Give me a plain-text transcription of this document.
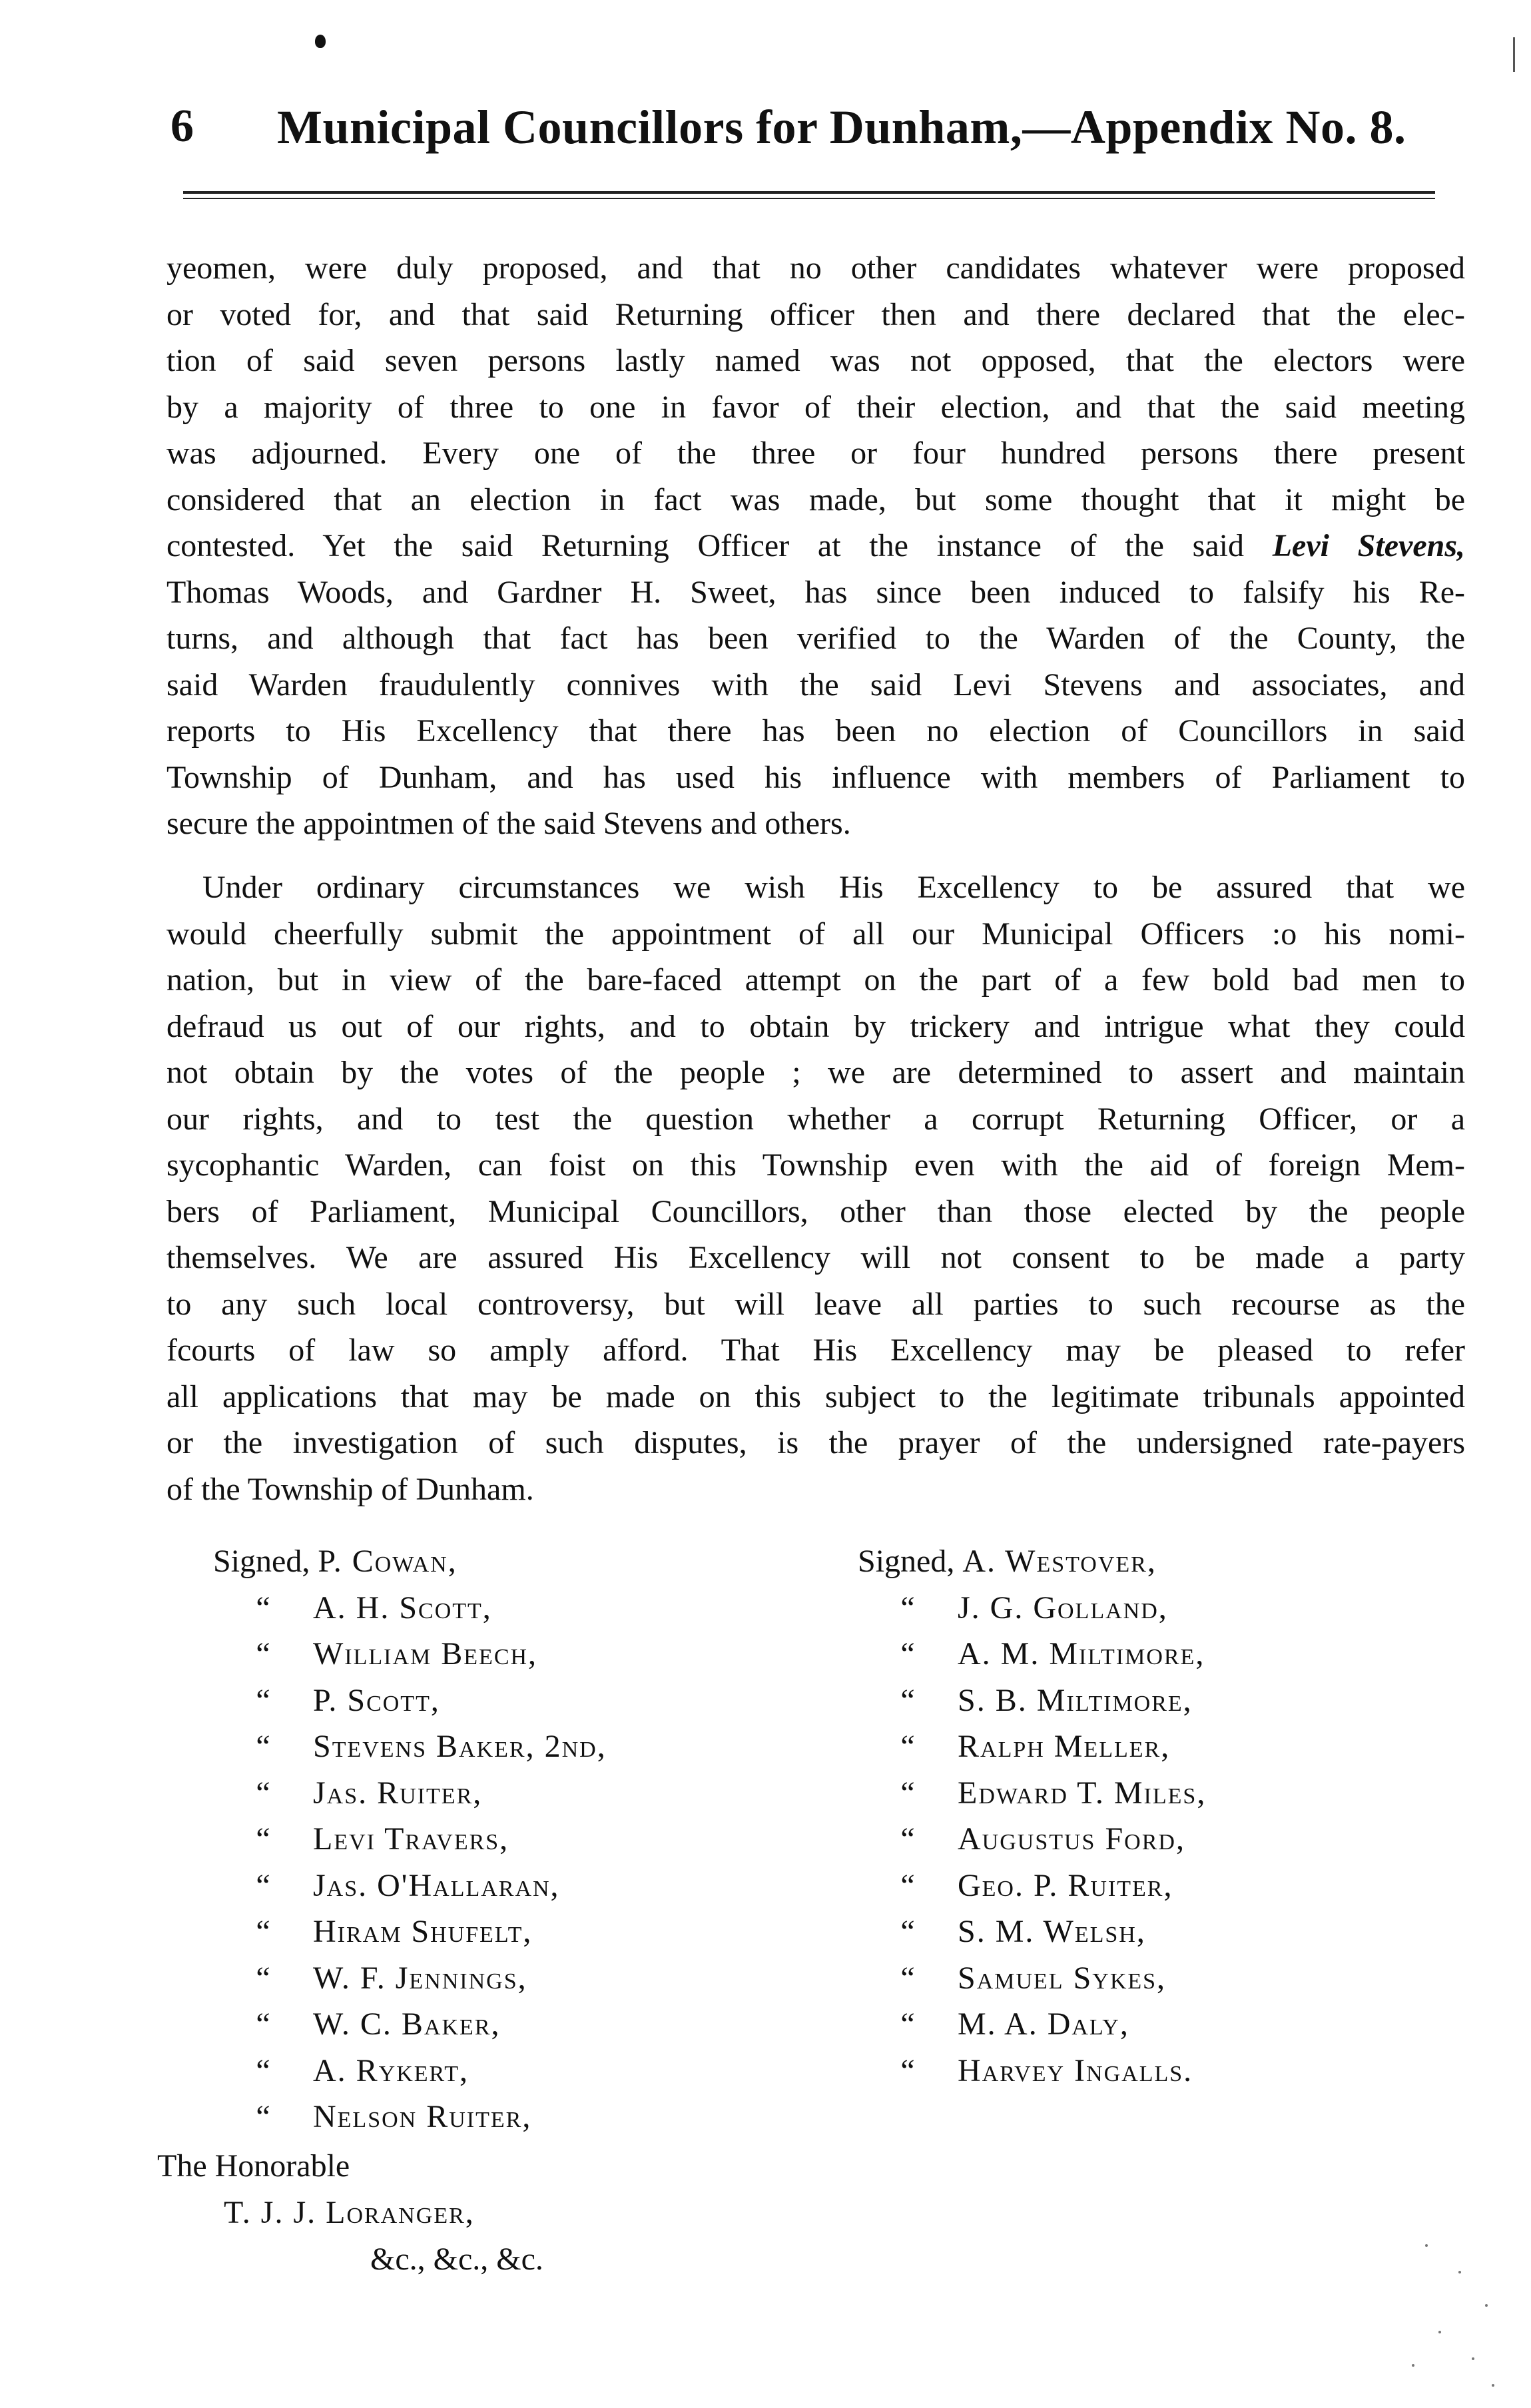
6 Municipal Councillors for Dunham,—Appendix No. 8.

yeomen, were duly proposed, and that no other candidates whatever were proposed
or voted for, and that said Returning officer then and there declared that the elec-
tion of said seven persons lastly named was not opposed, that the electors were
by a majority of three to one in favor of their election, and that the said meeting
was adjourned. Every one of the three or four hundred persons there present
considered that an election in fact was made, but some thought that it might be
contested. Yet the said Returning Officer at the instance of the said Levi Stevens,
Thomas Woods, and Gardner H. Sweet, has since been induced to falsify his Re-
turns, and although that fact has been verified to the Warden of the County, the
said Warden fraudulently connives with the said Levi Stevens and associates, and
reports to His Excellency that there has been no election of Councillors in said
Township of Dunham, and has used his influence with members of Parliament to
secure the appointmen of the said Stevens and others.

Under ordinary circumstances we wish His Excellency to be assured that we
would cheerfully submit the appointment of all our Municipal Officers :o his nomi-
nation, but in view of the bare-faced attempt on the part of a few bold bad men to
defraud us out of our rights, and to obtain by trickery and intrigue what they could
not obtain by the votes of the people ; we are determined to assert and maintain
our rights, and to test the question whether a corrupt Returning Officer, or a
sycophantic Warden, can foist on this Township even with the aid of foreign Mem-
bers of Parliament, Municipal Councillors, other than those elected by the people
themselves. We are assured His Excellency will not consent to be made a party
to any such local controversy, but will leave all parties to such recourse as the
fcourts of law so amply afford. That His Excellency may be pleased to refer
all applications that may be made on this subject to the legitimate tribunals appointed
or the investigation of such disputes, is the prayer of the undersigned rate-payers
of the Township of Dunham.

Signed, P. Cowan,
“ A. H. Scott,
“ William Beech,
“ P. Scott,
“ Stevens Baker, 2nd,
“ Jas. Ruiter,
“ Levi Travers,
“ Jas. O'Hallaran,
“ Hiram Shufelt,
“ W. F. Jennings,
“ W. C. Baker,
“ A. Rykert,
“ Nelson Ruiter,
Signed, A. Westover,
“ J. G. Golland,
“ A. M. Miltimore,
“ S. B. Miltimore,
“ Ralph Meller,
“ Edward T. Miles,
“ Augustus Ford,
“ Geo. P. Ruiter,
“ S. M. Welsh,
“ Samuel Sykes,
“ M. A. Daly,
“ Harvey Ingalls.
The Honorable
T. J. J. Loranger,
&c., &c., &c.
